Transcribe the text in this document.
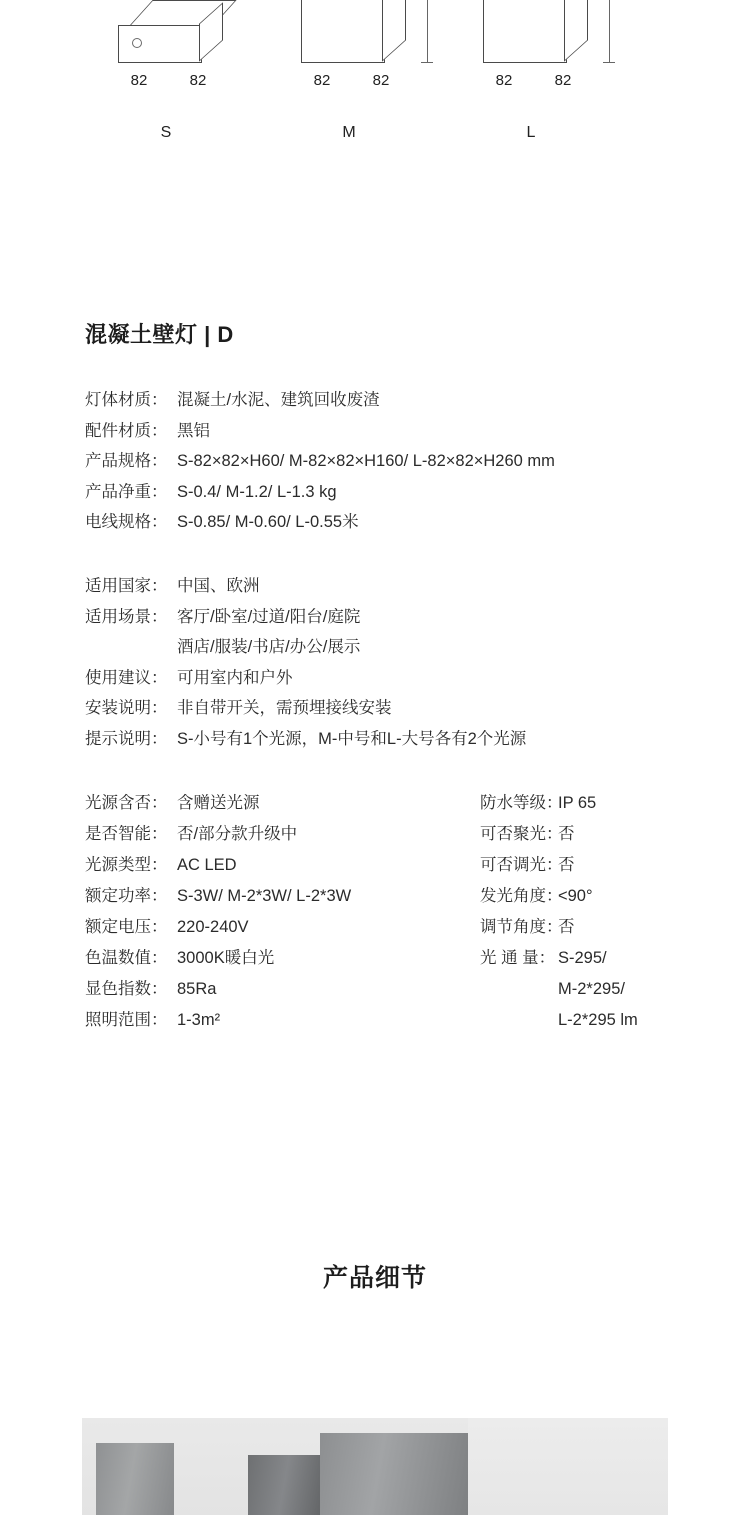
82	82
S
82	82
M
82	82
L
混凝土壁灯 | D
灯体材质： 混凝土/水泥、建筑回收废渣
配件材质： 黑铝
产品规格： S-82×82×H60/ M-82×82×H160/ L-82×82×H260 mm
产品净重： S-0.4/ M-1.2/ L-1.3 kg
电线规格： S-0.85/ M-0.60/ L-0.55米
适用国家： 中国、欧洲
适用场景： 客厅/卧室/过道/阳台/庭院
酒店/服装/书店/办公/展示
使用建议： 可用室内和户外
安装说明： 非自带开关，需预埋接线安装
提示说明： S-小号有1个光源，M-中号和L-大号各有2个光源
光源含否： 含赠送光源
是否智能： 否/部分款升级中
光源类型： AC LED
额定功率： S-3W/ M-2*3W/ L-2*3W
额定电压： 220-240V
色温数值： 3000K暖白光
显色指数： 85Ra
照明范围： 1-3m²
防水等级：
IP 65
可否聚光：
否
可否调光：
否
发光角度：
<90°
调节角度：
否
光 通 量： S-295/
M-2*295/
L-2*295 lm
产品细节
